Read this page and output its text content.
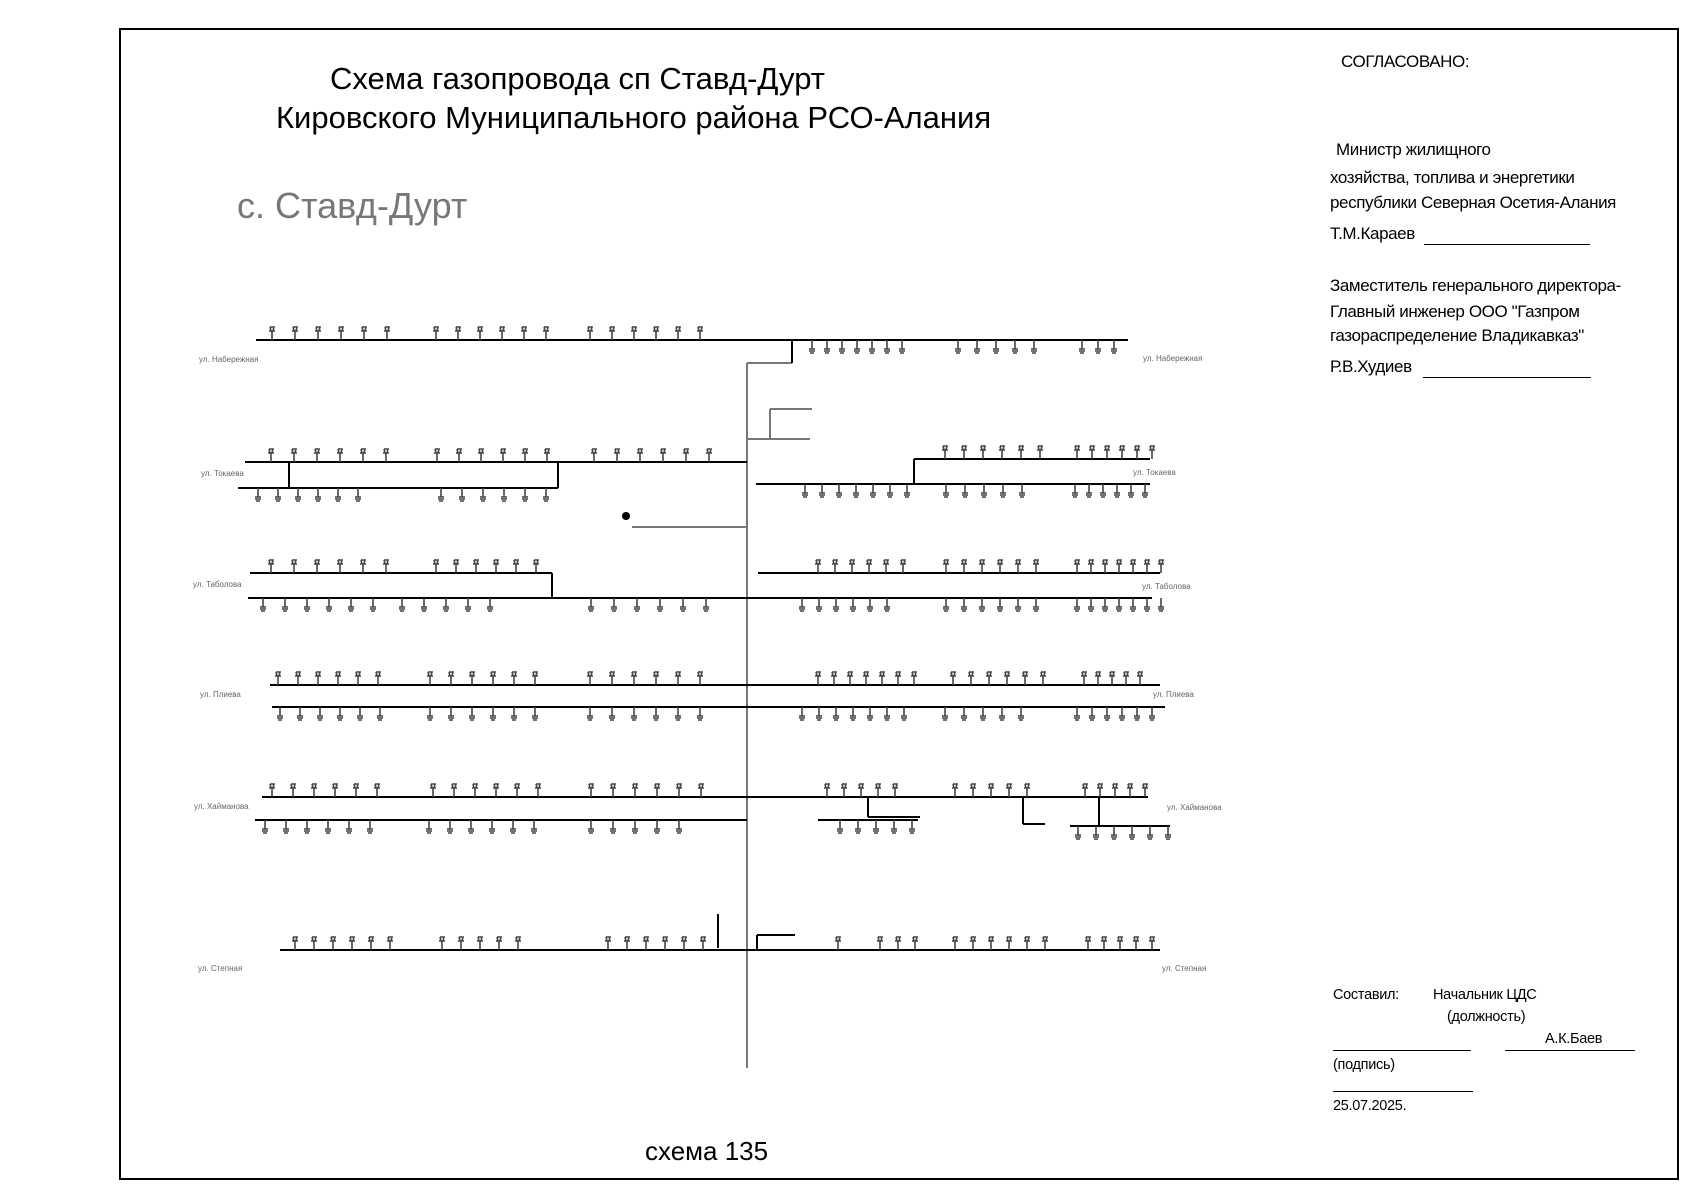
Схема газопровода сп Ставд-Дурт
Кировского Муниципального района РСО-Алания
с. Ставд-Дурт
СОГЛАСОВАНО:
Министр жилищного
хозяйства, топлива и энергетики
республики Северная Осетия-Алания
Т.М.Караев
Заместитель генерального директора-
Главный инженер ООО "Газпром
газораспределение Владикавказ"
Р.В.Худиев
Составил: Начальник ЦДС
(должность)
А.К.Баев
(подпись)
25.07.2025.
схема 135
ул. Набережная	ул. Набережная
ул. Токаева	ул. Токаева
ул. Таболова	ул. Таболова
ул. Плиева	ул. Плиева
ул. Хайманова	ул. Хайманова
ул. Степная	ул. Степная
